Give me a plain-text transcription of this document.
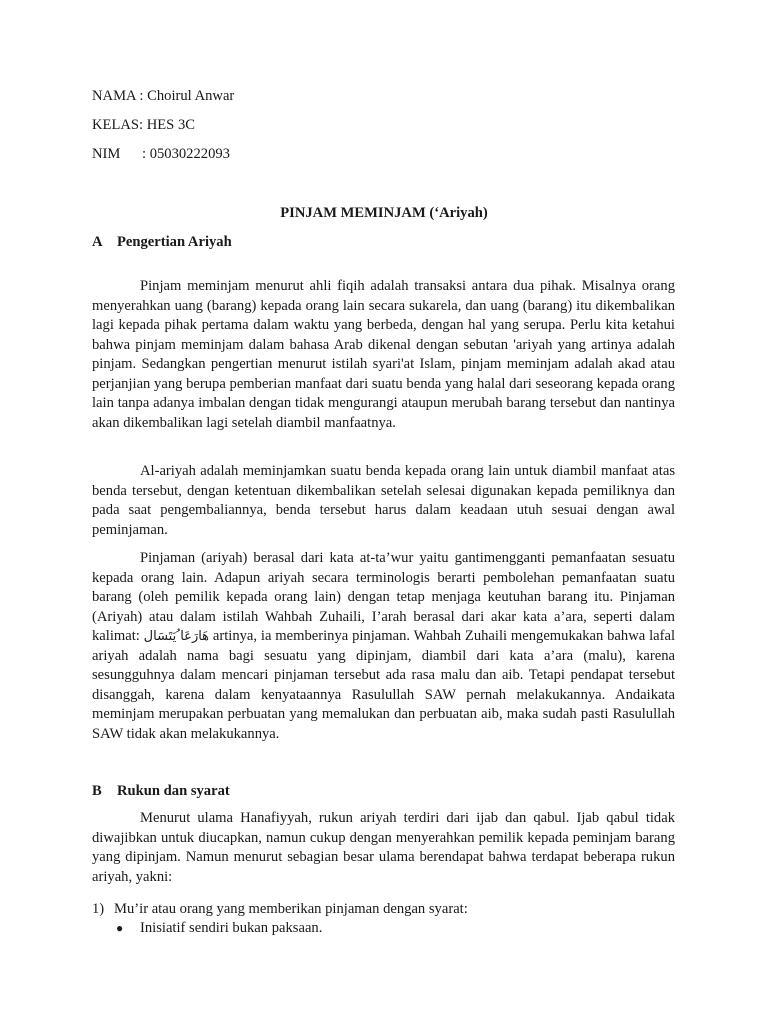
NAMA : Choirul Anwar
KELAS: HES 3C
NIM : 05030222093
PINJAM MEMINJAM (‘Ariyah)
A Pengertian Ariyah

Pinjam meminjam menurut ahli fiqih adalah transaksi antara dua pihak. Misalnya orang menyerahkan uang (barang) kepada orang lain secara sukarela, dan uang (barang) itu dikembalikan lagi kepada pihak pertama dalam waktu yang berbeda, dengan hal yang serupa. Perlu kita ketahui bahwa pinjam meminjam dalam bahasa Arab dikenal dengan sebutan 'ariyah yang artinya adalah pinjam. Sedangkan pengertian menurut istilah syari'at Islam, pinjam meminjam adalah akad atau perjanjian yang berupa pemberian manfaat dari suatu benda yang halal dari seseorang kepada orang lain tanpa adanya imbalan dengan tidak mengurangi ataupun merubah barang tersebut dan nantinya akan dikembalikan lagi setelah diambil manfaatnya.

Al-ariyah adalah meminjamkan suatu benda kepada orang lain untuk diambil manfaat atas benda tersebut, dengan ketentuan dikembalikan setelah selesai digunakan kepada pemiliknya dan pada saat pengembaliannya, benda tersebut harus dalam keadaan utuh sesuai dengan awal peminjaman.

Pinjaman (ariyah) berasal dari kata at-ta’wur yaitu gantimengganti pemanfaatan sesuatu kepada orang lain. Adapun ariyah secara terminologis berarti pembolehan pemanfaatan suatu barang (oleh pemilik kepada orang lain) dengan tetap menjaga keutuhan barang itu. Pinjaman (Ariyah) atau dalam istilah Wahbah Zuhaili, I’arah berasal dari akar kata a’ara, seperti dalam kalimat: هَارَعَا ُيَتَسَال artinya, ia memberinya pinjaman. Wahbah Zuhaili mengemukakan bahwa lafal ariyah adalah nama bagi sesuatu yang dipinjam, diambil dari kata a’ara (malu), karena sesungguhnya dalam mencari pinjaman tersebut ada rasa malu dan aib. Tetapi pendapat tersebut disanggah, karena dalam kenyataannya Rasulullah SAW pernah melakukannya. Andaikata meminjam merupakan perbuatan yang memalukan dan perbuatan aib, maka sudah pasti Rasulullah SAW tidak akan melakukannya.

B Rukun dan syarat

Menurut ulama Hanafiyyah, rukun ariyah terdiri dari ijab dan qabul. Ijab qabul tidak diwajibkan untuk diucapkan, namun cukup dengan menyerahkan pemilik kepada peminjam barang yang dipinjam. Namun menurut sebagian besar ulama berendapat bahwa terdapat beberapa rukun ariyah, yakni:

1) Mu’ir atau orang yang memberikan pinjaman dengan syarat:
● Inisiatif sendiri bukan paksaan.
